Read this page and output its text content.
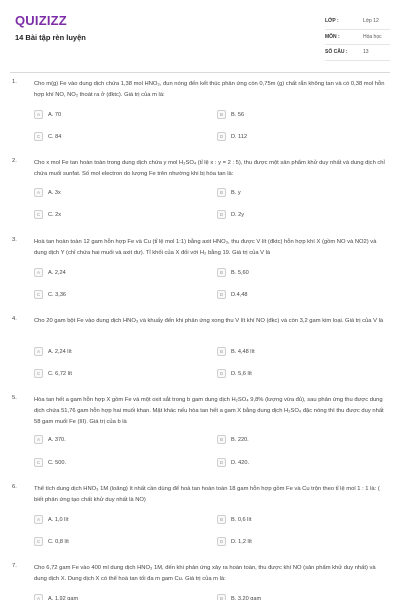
QUIZIZZ
14 Bài tập rèn luyện
LỚP :	Lớp 12
MÔN :	Hóa học
SỐ CÂU :	13
1.	Cho m(g) Fe vào dung dịch chứa 1,38 mol HNO₃, đun nóng đến kết thúc phản ứng còn 0,75m (g) chất rắn không tan và có 0,38 mol hỗn hợp khí NO, NO₂ thoát ra ở (đktc). Giá trị của m là:
A	A. 70	B	B. 56
C	C. 84	D	D. 112
2.	Cho x mol Fe tan hoàn toàn trong dung dịch chứa y mol H₂SO₄ (tỉ lệ x : y = 2 : 5), thu được một sản phẩm khử duy nhất và dung dịch chỉ chứa muối sunfat. Số mol electron do lượng Fe trên nhường khi bị hòa tan là:
A	A. 3x	B	B. y
C	C. 2x	D	D. 2y
3.	Hoà tan hoàn toàn 12 gam hỗn hợp Fe và Cu (tỉ lệ mol 1:1) bằng axit HNO₃, thu được V lít (đktc) hỗn hợp khí X (gồm NO và NO2) và dung dịch Y (chỉ chứa hai muối và axit dư). Tỉ khối của X đối với H₂ bằng 19. Giá trị của V là
A	A. 2,24	B	B. 5,60
C	C. 3,36	D	D.4,48
4.	Cho 20 gam bột Fe vào dung dịch HNO₃ và khuấy đến khi phản ứng xong thu V lít khí NO (đkc) và còn 3,2 gam kim loại. Giá trị của V là
A	A. 2,24 lít	B	B. 4,48 lít
C	C. 6,72 lít	D	D. 5,6 lít
5.	Hòa tan hết a gam hỗn hợp X gồm Fe và một oxit sắt trong b gam dung dịch H₂SO₄ 9,8% (lượng vừa đủ), sau phản ứng thu được dung dịch chứa 51,76 gam hỗn hợp hai muối khan. Mặt khác nếu hòa tan hết a gam X bằng dung dịch H₂SO₄ đặc nóng thì thu được duy nhất 58 gam muối Fe (III). Giá trị của b là
A	A. 370.	B	B. 220.
C	C. 500.	D	D. 420.
6.	Thể tích dung dịch HNO₃ 1M (loãng) ít nhất cần dùng để hoà tan hoàn toàn 18 gam hỗn hợp gồm Fe và Cu trộn theo tỉ lệ mol 1 : 1 là: ( biết phản ứng tạo chất khử duy nhất là NO)
A	A. 1,0 lít	B	B. 0,6 lít
C	C. 0,8 lít	D	D. 1,2 lít
7.	Cho 6,72 gam Fe vào 400 ml dung dịch HNO₃ 1M, đến khi phản ứng xảy ra hoàn toàn, thu được khí NO (sản phẩm khử duy nhất) và dung dịch X. Dung dịch X có thể hoà tan tối đa m gam Cu. Giá trị của m là:
A	A. 1,92 gam	B	B. 3,20 gam
